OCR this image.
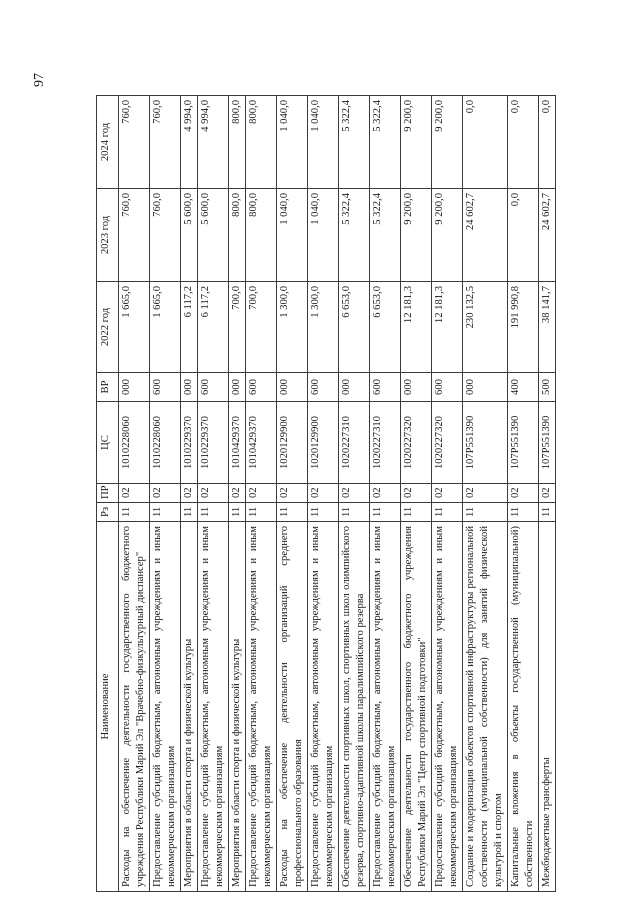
97
Наименование	Рз	ПР	ЦС	ВР	2022 год	2023 год	2024 год
Расходы на обеспечение деятельности государственного бюджетного учреждения Республики Марий Эл "Врачебно-физкультурный диспансер"	11	02	1010228060	000	1 665,0	760,0	760,0
Предоставление субсидий бюджетным, автономным учреждениям и иным некоммерческим организациям	11	02	1010228060	600	1 665,0	760,0	760,0
Мероприятия в области спорта и физической культуры	11	02	1010229370	000	6 117,2	5 600,0	4 994,0
Предоставление субсидий бюджетным, автономным учреждениям и иным некоммерческим организациям	11	02	1010229370	600	6 117,2	5 600,0	4 994,0
Мероприятия в области спорта и физической культуры	11	02	1010429370	000	700,0	800,0	800,0
Предоставление субсидий бюджетным, автономным учреждениям и иным некоммерческим организациям	11	02	1010429370	600	700,0	800,0	800,0
Расходы на обеспечение деятельности организаций среднего профессионального образования	11	02	1020129900	000	1 300,0	1 040,0	1 040,0
Предоставление субсидий бюджетным, автономным учреждениям и иным некоммерческим организациям	11	02	1020129900	600	1 300,0	1 040,0	1 040,0
Обеспечение деятельности спортивных школ, спортивных школ олимпийского резерва, спортивно-адаптивной школы паралимпийского резерва	11	02	1020227310	000	6 653,0	5 322,4	5 322,4
Предоставление субсидий бюджетным, автономным учреждениям и иным некоммерческим организациям	11	02	1020227310	600	6 653,0	5 322,4	5 322,4
Обеспечение деятельности государственного бюджетного учреждения Республики Марий Эл "Центр спортивной подготовки"	11	02	1020227320	000	12 181,3	9 200,0	9 200,0
Предоставление субсидий бюджетным, автономным учреждениям и иным некоммерческим организациям	11	02	1020227320	600	12 181,3	9 200,0	9 200,0
Создание и модернизация объектов спортивной инфраструктуры региональной собственности (муниципальной собственности) для занятий физической культурой и спортом	11	02	107P551390	000	230 132,5	24 602,7	0,0
Капитальные вложения в объекты государственной (муниципальной) собственности	11	02	107P551390	400	191 990,8	0,0	0,0
Межбюджетные трансферты	11	02	107P551390	500	38 141,7	24 602,7	0,0
